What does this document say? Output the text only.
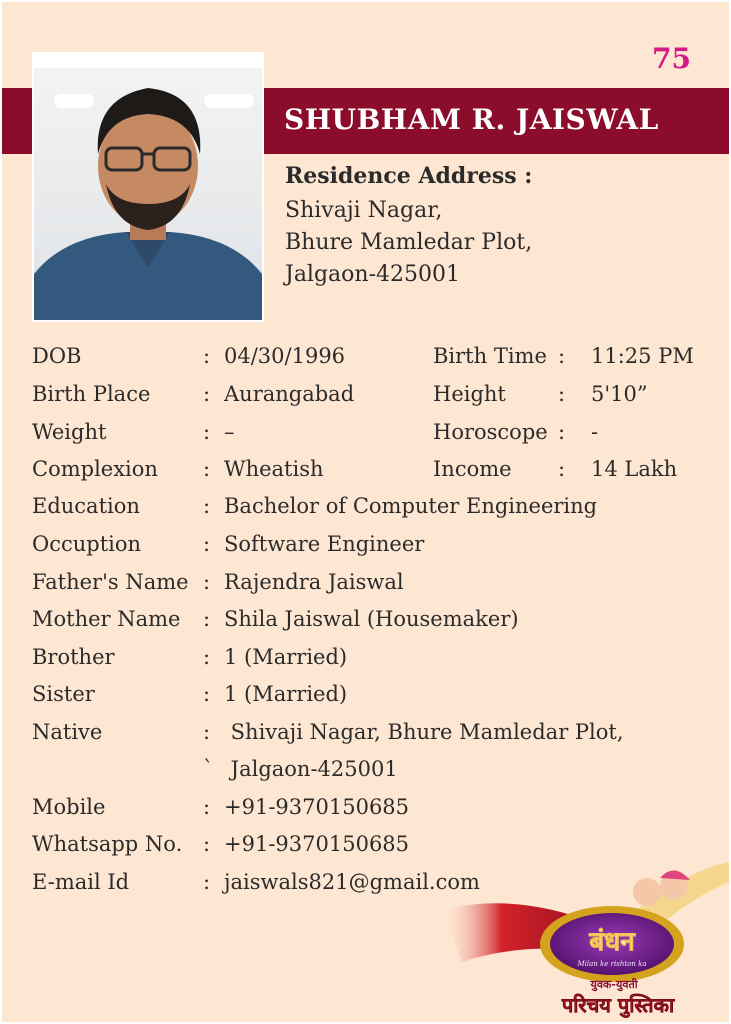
75
SHUBHAM R. JAISWAL
Residence Address :
Shivaji Nagar,
Bhure Mamledar Plot,
Jalgaon-425001
DOB	: 04/30/1996	Birth Time : 11:25 PM
Birth Place	: Aurangabad	Height : 5'10”
Weight	: –	Horoscope : -
Complexion : Wheatish	Income : 14 Lakh
Education	: Bachelor of Computer Engineering
Occuption	: Software Engineer
Father's Name : Rajendra Jaiswal
Mother Name : Shila Jaiswal (Housemaker)
Brother	: 1 (Married)
Sister	: 1 (Married)
Native	: Shivaji Nagar, Bhure Mamledar Plot,
` Jalgaon-425001
Mobile	: +91-9370150685
Whatsapp No. : +91-9370150685
E-mail Id	: jaiswals821@gmail.com
बंधन
Milan ke rishton ka
युवक-युवती
परिचय पुस्तिका
